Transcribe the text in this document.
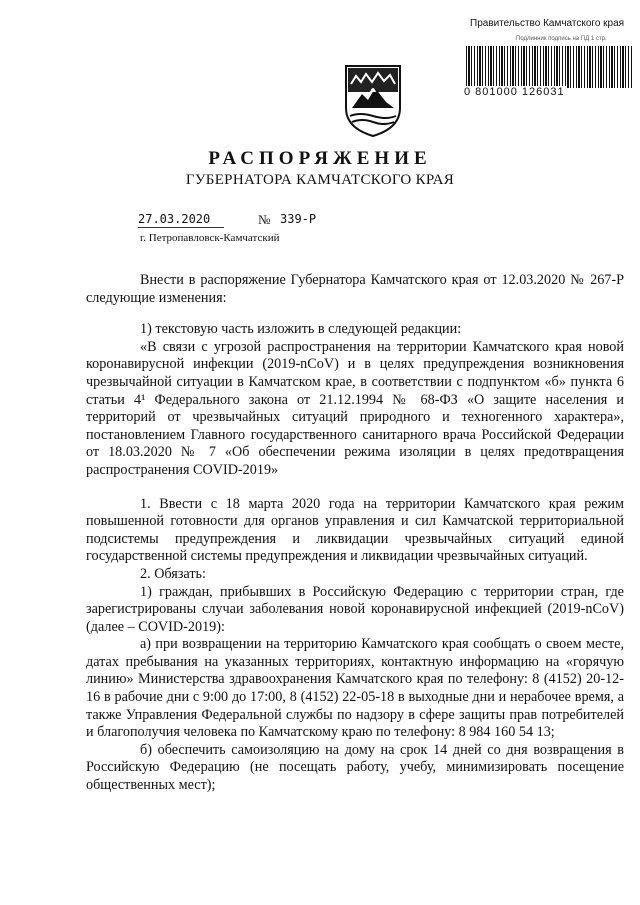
Правительство Камчатского края
Подлинник подпись на ПД 1 стр.
0 801000 126031
РАСПОРЯЖЕНИЕ
ГУБЕРНАТОРА КАМЧАТСКОГО КРАЯ
27.03.2020	№ 339-Р
г. Петропавловск-Камчатский

Внести в распоряжение Губернатора Камчатского края от 12.03.2020 № 267-Р следующие изменения:

1) текстовую часть изложить в следующей редакции:

«В связи с угрозой распространения на территории Камчатского края новой коронавирусной инфекции (2019-nCoV) и в целях предупреждения возникновения чрезвычайной ситуации в Камчатском крае, в соответствии с подпунктом «б» пункта 6 статьи 4¹ Федерального закона от 21.12.1994 № 68-ФЗ «О защите населения и территорий от чрезвычайных ситуаций природного и техногенного характера», постановлением Главного государственного санитарного врача Российской Федерации от 18.03.2020 № 7 «Об обеспечении режима изоляции в целях предотвращения распространения COVID-2019»

1. Ввести с 18 марта 2020 года на территории Камчатского края режим повышенной готовности для органов управления и сил Камчатской территориальной подсистемы предупреждения и ликвидации чрезвычайных ситуаций единой государственной системы предупреждения и ликвидации чрезвычайных ситуаций.

2. Обязать:

1) граждан, прибывших в Российскую Федерацию с территории стран, где зарегистрированы случаи заболевания новой коронавирусной инфекцией (2019-nCoV) (далее – COVID-2019):

а) при возвращении на территорию Камчатского края сообщать о своем месте, датах пребывания на указанных территориях, контактную информацию на «горячую линию» Министерства здравоохранения Камчатского края по телефону: 8 (4152) 20-12-16 в рабочие дни с 9:00 до 17:00, 8 (4152) 22-05-18 в выходные дни и нерабочее время, а также Управления Федеральной службы по надзору в сфере защиты прав потребителей и благополучия человека по Камчатскому краю по телефону: 8 984 160 54 13;

б) обеспечить самоизоляцию на дому на срок 14 дней со дня возвращения в Российскую Федерацию (не посещать работу, учебу, минимизировать посещение общественных мест);
